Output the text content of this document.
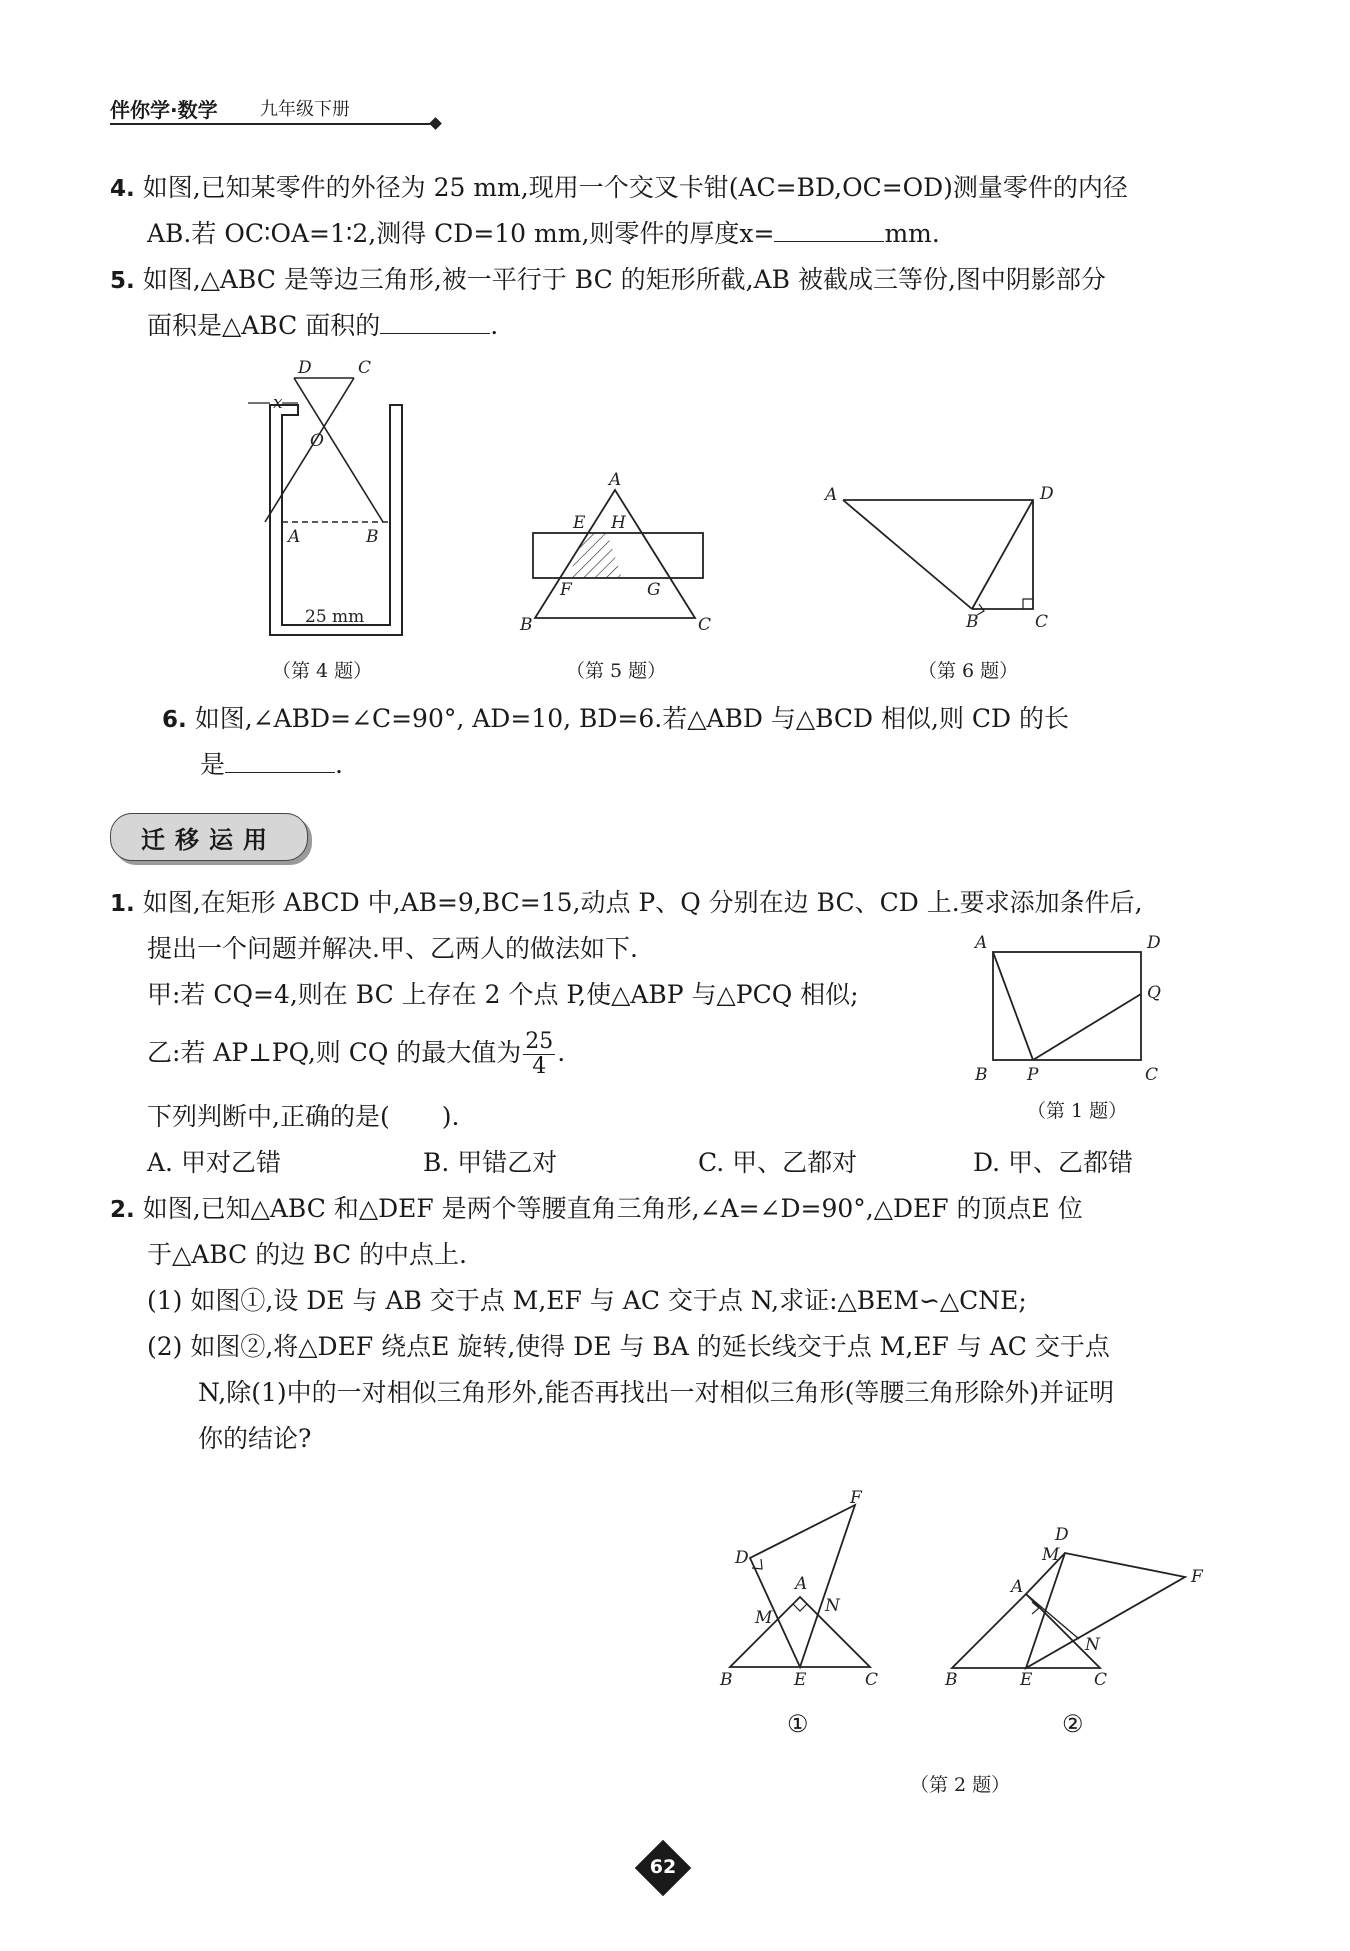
伴你学·数学 九年级下册
4. 如图,已知某零件的外径为 25 mm,现用一个交叉卡钳(AC=BD,OC=OD)测量零件的内径
AB.若 OC∶OA=1∶2,测得 CD=10 mm,则零件的厚度x=	mm.
5. 如图,△ABC 是等边三角形,被一平行于 BC 的矩形所截,AB 被截成三等份,图中阴影部分
面积是△ABC 面积的	.
D	C
x
O
A	B
25 mm
（第 4 题）
A
E H
F	G
B	C
（第 5 题）
A	D
B	C
（第 6 题）
6. 如图,∠ABD=∠C=90°, AD=10, BD=6.若△ABD 与△BCD 相似,则 CD 的长
是	.
迁移运用
1. 如图,在矩形 ABCD 中,AB=9,BC=15,动点 P、Q 分别在边 BC、CD 上.要求添加条件后,
提出一个问题并解决.甲、乙两人的做法如下.
甲:若 CQ=4,则在 BC 上存在 2 个点 P,使△ABP 与△PCQ 相似;
乙:若 AP⊥PQ,则 CQ 的最大值为 $\frac{25}{4}$ .
下列判断中,正确的是( ).
A. 甲对乙错	B. 甲错乙对	C. 甲、乙都对	D. 甲、乙都错
A	D
Q
B P	C
（第 1 题）
2. 如图,已知△ABC 和△DEF 是两个等腰直角三角形,∠A=∠D=90°,△DEF 的顶点E 位
于△ABC 的边 BC 的中点上.
(1) 如图①,设 DE 与 AB 交于点 M,EF 与 AC 交于点 N,求证:△BEM∽△CNE;
(2) 如图②,将△DEF 绕点E 旋转,使得 DE 与 BA 的延长线交于点 M,EF 与 AC 交于点
N,除(1)中的一对相似三角形外,能否再找出一对相似三角形(等腰三角形除外)并证明
你的结论?
F
D
A
M
N
B	E	C
①
D
M
F
A
N
B	E	C
②
（第 2 题）
62
